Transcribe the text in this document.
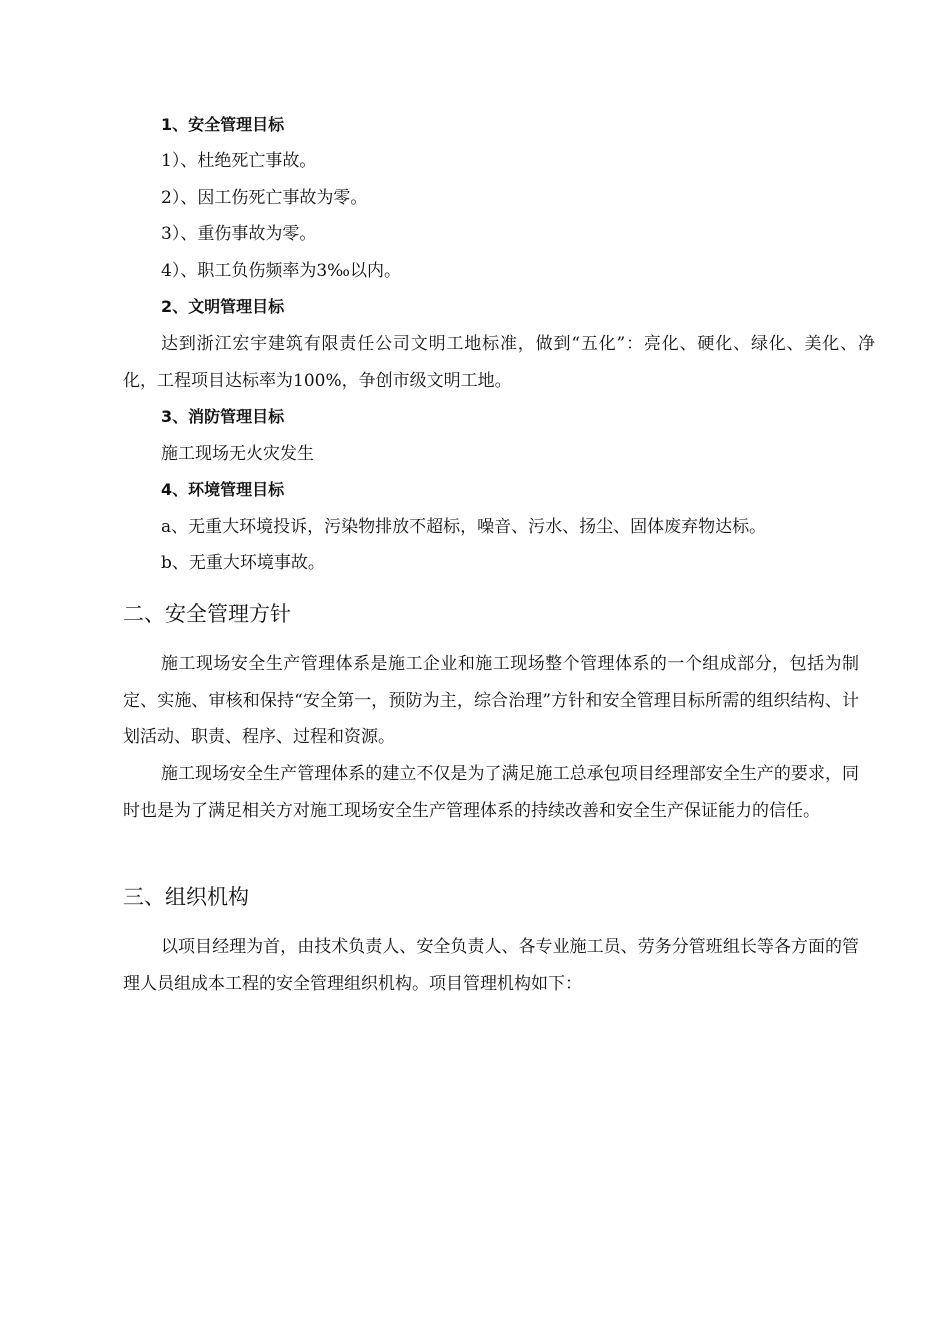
1、安全管理目标
1）、杜绝死亡事故。
2）、因工伤死亡事故为零。
3）、重伤事故为零。
4）、职工负伤频率为3‰以内。
2、文明管理目标
达到浙江宏宇建筑有限责任公司文明工地标准，做到“五化”：亮化、硬化、绿化、美化、净化，工程项目达标率为100%，争创市级文明工地。
3、消防管理目标
施工现场无火灾发生
4、环境管理目标
a、无重大环境投诉，污染物排放不超标，噪音、污水、扬尘、固体废弃物达标。
b、无重大环境事故。
二、安全管理方针
施工现场安全生产管理体系是施工企业和施工现场整个管理体系的一个组成部分，包括为制定、实施、审核和保持“安全第一，预防为主，综合治理”方针和安全管理目标所需的组织结构、计划活动、职责、程序、过程和资源。
施工现场安全生产管理体系的建立不仅是为了满足施工总承包项目经理部安全生产的要求，同时也是为了满足相关方对施工现场安全生产管理体系的持续改善和安全生产保证能力的信任。
三、组织机构
以项目经理为首，由技术负责人、安全负责人、各专业施工员、劳务分管班组长等各方面的管理人员组成本工程的安全管理组织机构。项目管理机构如下：
